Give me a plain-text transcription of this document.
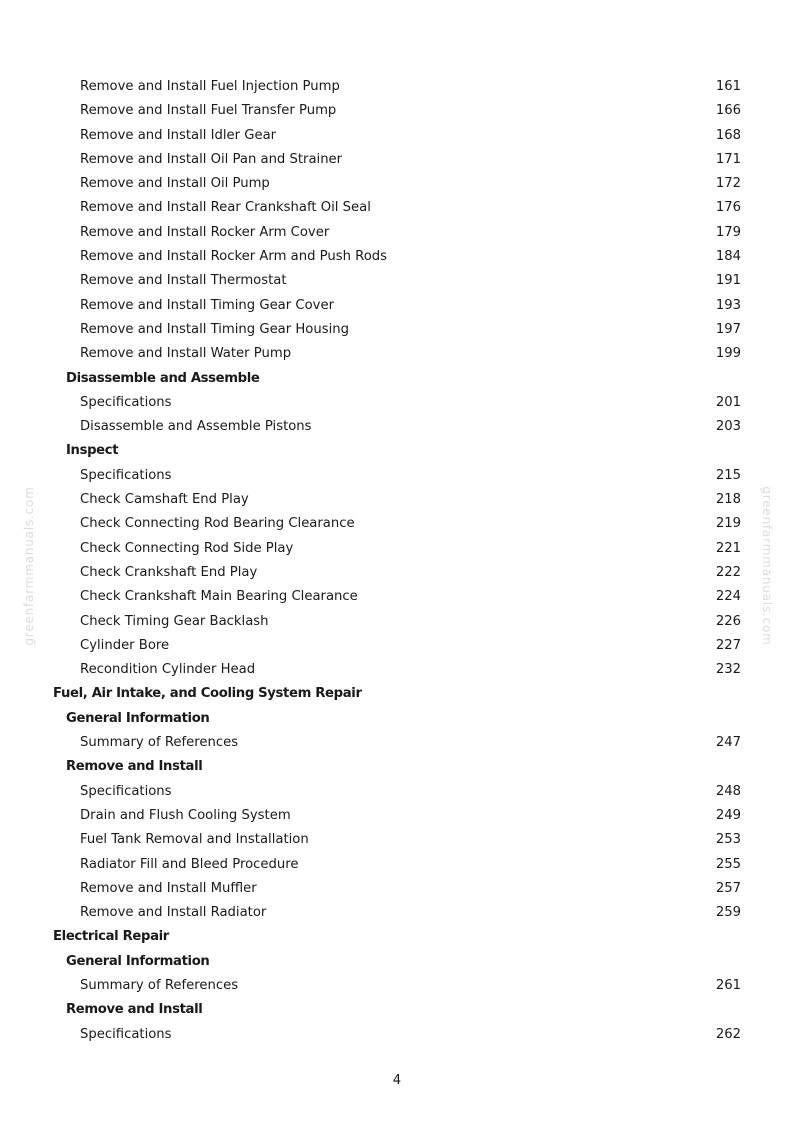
greenfarmmanuals.com	greenfarmmanuals.com
Remove and Install Fuel Injection Pump	161
Remove and Install Fuel Transfer Pump	166
Remove and Install Idler Gear	168
Remove and Install Oil Pan and Strainer	171
Remove and Install Oil Pump	172
Remove and Install Rear Crankshaft Oil Seal	176
Remove and Install Rocker Arm Cover	179
Remove and Install Rocker Arm and Push Rods	184
Remove and Install Thermostat	191
Remove and Install Timing Gear Cover	193
Remove and Install Timing Gear Housing	197
Remove and Install Water Pump	199
Disassemble and Assemble
Specifications	201
Disassemble and Assemble Pistons	203
Inspect
Specifications	215
Check Camshaft End Play	218
Check Connecting Rod Bearing Clearance	219
Check Connecting Rod Side Play	221
Check Crankshaft End Play	222
Check Crankshaft Main Bearing Clearance	224
Check Timing Gear Backlash	226
Cylinder Bore	227
Recondition Cylinder Head	232
Fuel, Air Intake, and Cooling System Repair
General Information
Summary of References	247
Remove and Install
Specifications	248
Drain and Flush Cooling System	249
Fuel Tank Removal and Installation	253
Radiator Fill and Bleed Procedure	255
Remove and Install Muffler	257
Remove and Install Radiator	259
Electrical Repair
General Information
Summary of References	261
Remove and Install
Specifications	262
4
